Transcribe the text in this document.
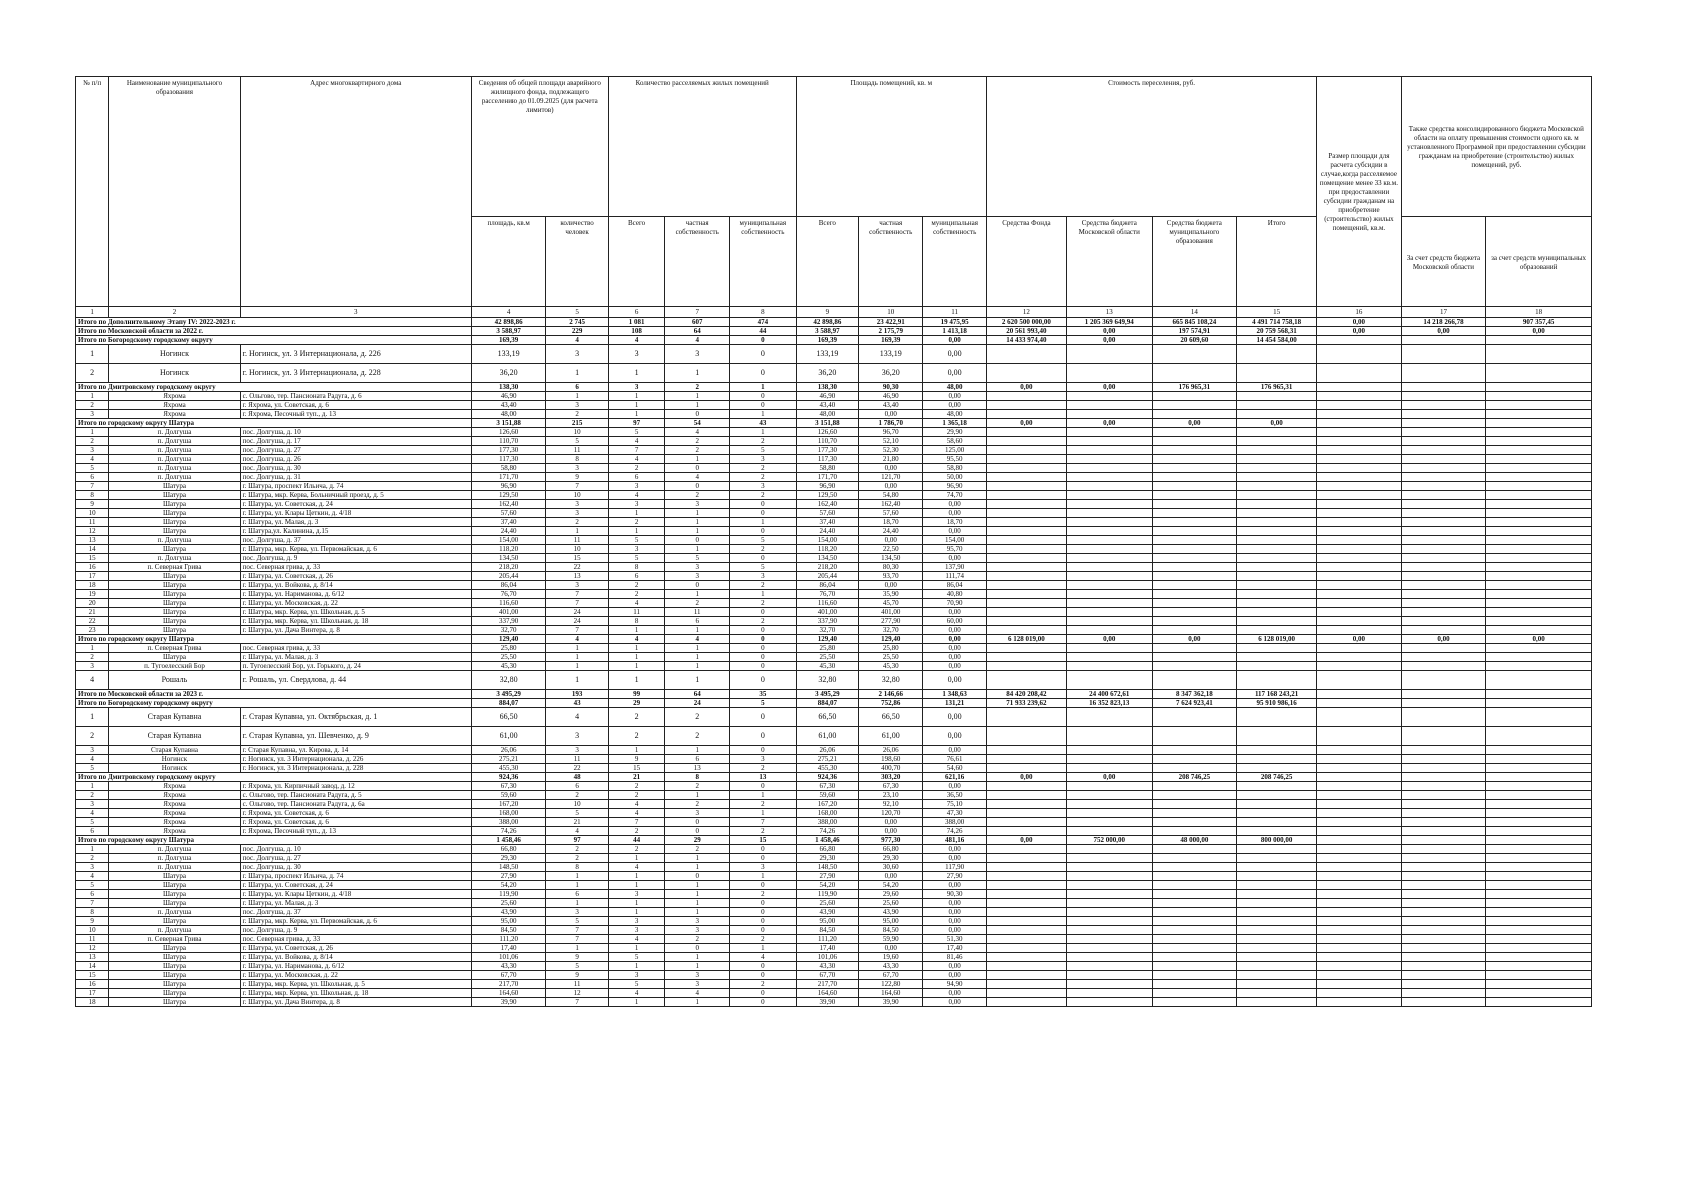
№ п/п	Наименование муниципального образования	Адрес многоквартирного дома	Сведения об общей площади аварийного жилищного фонда, подлежащего расселению до 01.09.2025 (для расчета лимитов)		Количество расселяемых жилых помещений			Площадь помещений, кв. м			Стоимость переселения, руб.				Размер площади для расчета субсидии в случае,когда расселяемое помещение менее 33 кв.м. при предоставлении субсидии гражданам на приобретение (строительство) жилых помещений, кв.м.	Также средства консолидированного бюджета Московской области на оплату превышения стоимости одного кв. м установленного Программой при предоставлении субсидии гражданам на приобретение (строительство) жилых помещений, руб.	
			площадь, кв.м	количество человек	Всего	частная собственность	муниципальная собственность	Всего	частная собственность	муниципальная собственность	Средства Фонда	Средства бюджета Московской области	Средства бюджета муниципального образования	Итого		За счет средств бюджета Московской области	за счет средств муниципальных образований
1	2	3	4	5	6	7	8	9	10	11	12	13	14	15	16	17	18
Итого по Дополнительному Этапу IV: 2022-2023 г.			42 898,86	2 745	1 081	607	474	42 898,86	23 422,91	19 475,95	2 620 500 000,00	1 205 369 649,94	665 845 108,24	4 491 714 758,18	0,00	14 218 266,78	907 357,45
Итого по Московской области за 2022 г.			3 588,97	229	108	64	44	3 588,97	2 175,79	1 413,18	20 561 993,40	0,00	197 574,91	20 759 568,31	0,00	0,00	0,00
Итого по Богородскому городскому округу			169,39	4	4	4	0	169,39	169,39	0,00	14 433 974,40	0,00	20 609,60	14 454 584,00			
1	Ногинск	г. Ногинск, ул. 3 Интернационала, д. 226	133,19	3	3	3	0	133,19	133,19	0,00							
2	Ногинск	г. Ногинск, ул. 3 Интернационала, д. 228	36,20	1	1	1	0	36,20	36,20	0,00							
Итого по Дмитровскому городскому округу			138,30	6	3	2	1	138,30	90,30	48,00	0,00	0,00	176 965,31	176 965,31			
1	Яхрома	с. Ольгово, тер. Пансионата Радуга, д. 6	46,90	1	1	1	0	46,90	46,90	0,00							
2	Яхрома	г. Яхрома, ул. Советская, д. 6	43,40	3	1	1	0	43,40	43,40	0,00							
3	Яхрома	г. Яхрома, Песочный туп., д. 13	48,00	2	1	0	1	48,00	0,00	48,00							
Итого по городскому округу Шатура			3 151,88	215	97	54	43	3 151,88	1 786,70	1 365,18	0,00	0,00	0,00	0,00			
1	п. Долгуша	пос. Долгуша, д. 10	126,60	10	5	4	1	126,60	96,70	29,90							
2	п. Долгуша	пос. Долгуша, д. 17	110,70	5	4	2	2	110,70	52,10	58,60							
3	п. Долгуша	пос. Долгуша, д. 27	177,30	11	7	2	5	177,30	52,30	125,00							
4	п. Долгуша	пос. Долгуша, д. 26	117,30	8	4	1	3	117,30	21,80	95,50							
5	п. Долгуша	пос. Долгуша, д. 30	58,80	3	2	0	2	58,80	0,00	58,80							
6	п. Долгуша	пос. Долгуша, д. 31	171,70	9	6	4	2	171,70	121,70	50,00							
7	Шатура	г. Шатура, проспект Ильича, д. 74	96,90	7	3	0	3	96,90	0,00	96,90							
8	Шатура	г. Шатура, мкр. Керва, Больничный проезд, д. 5	129,50	10	4	2	2	129,50	54,80	74,70							
9	Шатура	г. Шатура, ул. Советская, д. 24	162,40	3	3	3	0	162,40	162,40	0,00							
10	Шатура	г. Шатура, ул. Клары Цеткин, д. 4/18	57,60	3	1	1	0	57,60	57,60	0,00							
11	Шатура	г. Шатура, ул. Малая, д. 3	37,40	2	2	1	1	37,40	18,70	18,70							
12	Шатура	г. Шатура,ул. Калинина, д.15	24,40	1	1	1	0	24,40	24,40	0,00							
13	п. Долгуша	пос. Долгуша, д. 37	154,00	11	5	0	5	154,00	0,00	154,00							
14	Шатура	г. Шатура, мкр. Керва, ул. Первомайская, д. 6	118,20	10	3	1	2	118,20	22,50	95,70							
15	п. Долгуша	пос. Долгуша, д. 9	134,50	15	5	5	0	134,50	134,50	0,00							
16	п. Северная Грива	пос. Северная грива, д. 33	218,20	22	8	3	5	218,20	80,30	137,90							
17	Шатура	г. Шатура, ул. Советская, д. 26	205,44	13	6	3	3	205,44	93,70	111,74							
18	Шатура	г. Шатура, ул. Войкова, д. 8/14	86,04	3	2	0	2	86,04	0,00	86,04							
19	Шатура	г. Шатура, ул. Нариманова, д. 6/12	76,70	7	2	1	1	76,70	35,90	40,80							
20	Шатура	г. Шатура, ул. Московская, д. 22	116,60	7	4	2	2	116,60	45,70	70,90							
21	Шатура	г. Шатура, мкр. Керва, ул. Школьная, д. 5	401,00	24	11	11	0	401,00	401,00	0,00							
22	Шатура	г. Шатура, мкр. Керва, ул. Школьная, д. 18	337,90	24	8	6	2	337,90	277,90	60,00							
23	Шатура	г. Шатура, ул. Дача Винтера, д. 8	32,70	7	1	1	0	32,70	32,70	0,00							
Итого по городскому округу Шатура			129,40	4	4	4	0	129,40	129,40	0,00	6 128 019,00	0,00	0,00	6 128 019,00	0,00	0,00	0,00
1	п. Северная Грива	пос. Северная грива, д. 33	25,80	1	1	1	0	25,80	25,80	0,00							
2	Шатура	г. Шатура, ул. Малая, д. 3	25,50	1	1	1	0	25,50	25,50	0,00							
3	п. Тугоелесский Бор	п. Тугоелесский Бор, ул. Горького, д. 24	45,30	1	1	1	0	45,30	45,30	0,00							
4	Рошаль	г. Рошаль, ул. Свердлова, д. 44	32,80	1	1	1	0	32,80	32,80	0,00							
Итого по Московской области за 2023 г.			3 495,29	193	99	64	35	3 495,29	2 146,66	1 348,63	84 420 208,42	24 400 672,61	8 347 362,18	117 168 243,21			
Итого по Богородскому городскому округу			884,07	43	29	24	5	884,07	752,86	131,21	71 933 239,62	16 352 823,13	7 624 923,41	95 910 986,16			
1	Старая Купавна	г. Старая Купавна, ул. Октябрьская, д. 1	66,50	4	2	2	0	66,50	66,50	0,00							
2	Старая Купавна	г. Старая Купавна, ул. Шевченко, д. 9	61,00	3	2	2	0	61,00	61,00	0,00							
3	Старая Купавна	г. Старая Купавна, ул. Кирова, д. 14	26,06	3	1	1	0	26,06	26,06	0,00							
4	Ногинск	г. Ногинск, ул. 3 Интернационала, д. 226	275,21	11	9	6	3	275,21	198,60	76,61							
5	Ногинск	г. Ногинск, ул. 3 Интернационала, д. 228	455,30	22	15	13	2	455,30	400,70	54,60							
Итого по Дмитровскому городскому округу			924,36	48	21	8	13	924,36	303,20	621,16	0,00	0,00	208 746,25	208 746,25			
1	Яхрома	г. Яхрома, ул. Кирпичный завод, д. 12	67,30	6	2	2	0	67,30	67,30	0,00							
2	Яхрома	с. Ольгово, тер. Пансионата Радуга, д. 5	59,60	2	2	1	1	59,60	23,10	36,50							
3	Яхрома	с. Ольгово, тер. Пансионата Радуга, д. 6а	167,20	10	4	2	2	167,20	92,10	75,10							
4	Яхрома	г. Яхрома, ул. Советская, д. 6	168,00	5	4	3	1	168,00	120,70	47,30							
5	Яхрома	г. Яхрома, ул. Советская, д. 6	388,00	21	7	0	7	388,00	0,00	388,00							
6	Яхрома	г. Яхрома, Песочный туп., д. 13	74,26	4	2	0	2	74,26	0,00	74,26							
Итого по городскому округу Шатура			1 458,46	97	44	29	15	1 458,46	977,30	481,16	0,00	752 000,00	48 000,00	800 000,00			
1	п. Долгуша	пос. Долгуша, д. 10	66,80	2	2	2	0	66,80	66,80	0,00							
2	п. Долгуша	пос. Долгуша, д. 27	29,30	2	1	1	0	29,30	29,30	0,00							
3	п. Долгуша	пос. Долгуша, д. 30	148,50	8	4	1	3	148,50	30,60	117,90							
4	Шатура	г. Шатура, проспект Ильича, д. 74	27,90	1	1	0	1	27,90	0,00	27,90							
5	Шатура	г. Шатура, ул. Советская, д. 24	54,20	1	1	1	0	54,20	54,20	0,00							
6	Шатура	г. Шатура, ул. Клары Цеткин, д. 4/18	119,90	6	3	1	2	119,90	29,60	90,30							
7	Шатура	г. Шатура, ул. Малая, д. 3	25,60	1	1	1	0	25,60	25,60	0,00							
8	п. Долгуша	пос. Долгуша, д. 37	43,90	3	1	1	0	43,90	43,90	0,00							
9	Шатура	г. Шатура, мкр. Керва, ул. Первомайская, д. 6	95,00	5	3	3	0	95,00	95,00	0,00							
10	п. Долгуша	пос. Долгуша, д. 9	84,50	7	3	3	0	84,50	84,50	0,00							
11	п. Северная Грива	пос. Северная грива, д. 33	111,20	7	4	2	2	111,20	59,90	51,30							
12	Шатура	г. Шатура, ул. Советская, д. 26	17,40	1	1	0	1	17,40	0,00	17,40							
13	Шатура	г. Шатура, ул. Войкова, д. 8/14	101,06	9	5	1	4	101,06	19,60	81,46							
14	Шатура	г. Шатура, ул. Нариманова, д. 6/12	43,30	5	1	1	0	43,30	43,30	0,00							
15	Шатура	г. Шатура, ул. Московская, д. 22	67,70	9	3	3	0	67,70	67,70	0,00							
16	Шатура	г. Шатура, мкр. Керва, ул. Школьная, д. 5	217,70	11	5	3	2	217,70	122,80	94,90							
17	Шатура	г. Шатура, мкр. Керва, ул. Школьная, д. 18	164,60	12	4	4	0	164,60	164,60	0,00							
18	Шатура	г. Шатура, ул. Дача Винтера, д. 8	39,90	7	1	1	0	39,90	39,90	0,00							
